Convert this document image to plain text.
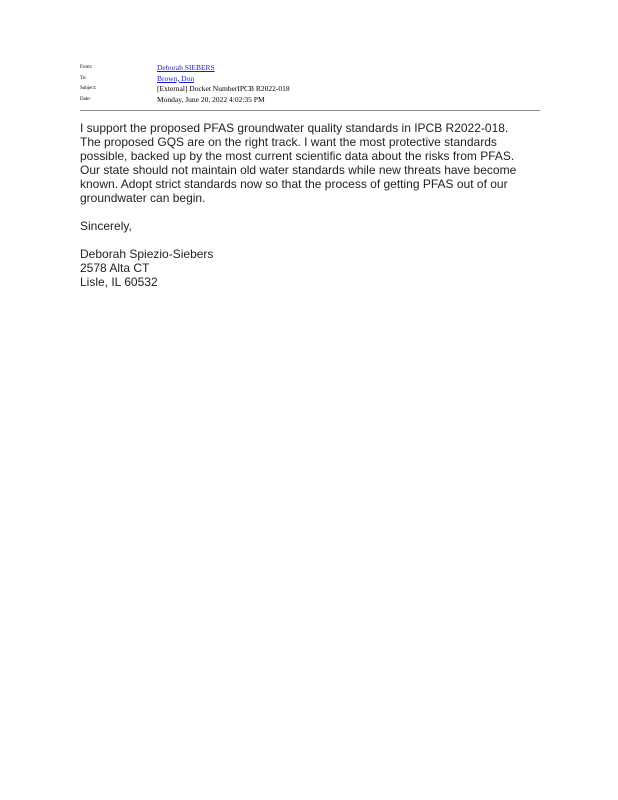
From:	Deborah SIEBERS
To:	Brown, Don
Subject:	[External] Docket NumberIPCB R2022-018
Date:	Monday, June 20, 2022 4:02:35 PM

I support the proposed PFAS groundwater quality standards in IPCB R2022-018.

The proposed GQS are on the right track. I want the most protective standards

possible, backed up by the most current scientific data about the risks from PFAS.

Our state should not maintain old water standards while new threats have become

known. Adopt strict standards now so that the process of getting PFAS out of our

groundwater can begin.

Sincerely,

Deborah Spiezio-Siebers

2578 Alta CT

Lisle, IL 60532
